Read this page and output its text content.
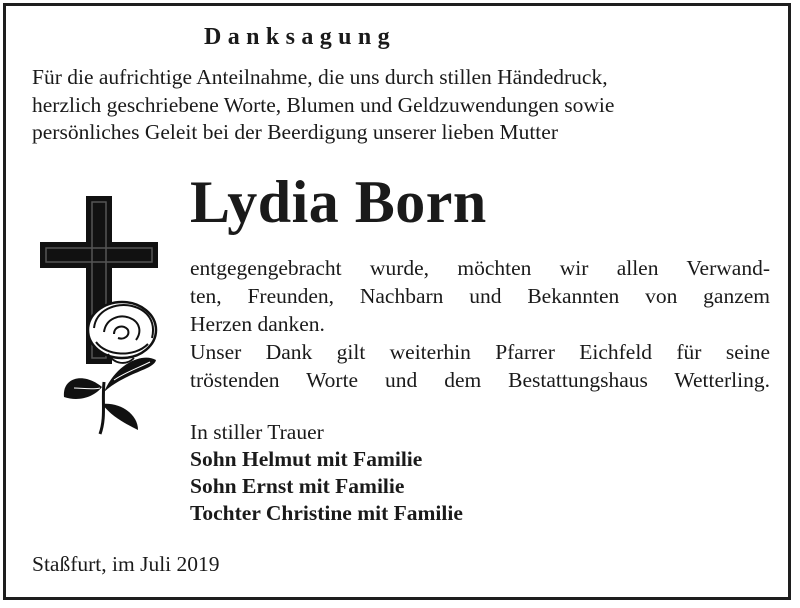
Danksagung
Für die aufrichtige Anteilnahme, die uns durch stillen Händedruck,
herzlich geschriebene Worte, Blumen und Geldzuwendungen sowie
persönliches Geleit bei der Beerdigung unserer lieben Mutter
Lydia Born
entgegengebracht wurde, möchten wir allen Verwand-
ten, Freunden, Nachbarn und Bekannten von ganzem
Herzen danken.
Unser Dank gilt weiterhin Pfarrer Eichfeld für seine
tröstenden Worte und dem Bestattungshaus Wetterling.
In stiller Trauer
Sohn Helmut mit Familie
Sohn Ernst mit Familie
Tochter Christine mit Familie
Staßfurt, im Juli 2019
